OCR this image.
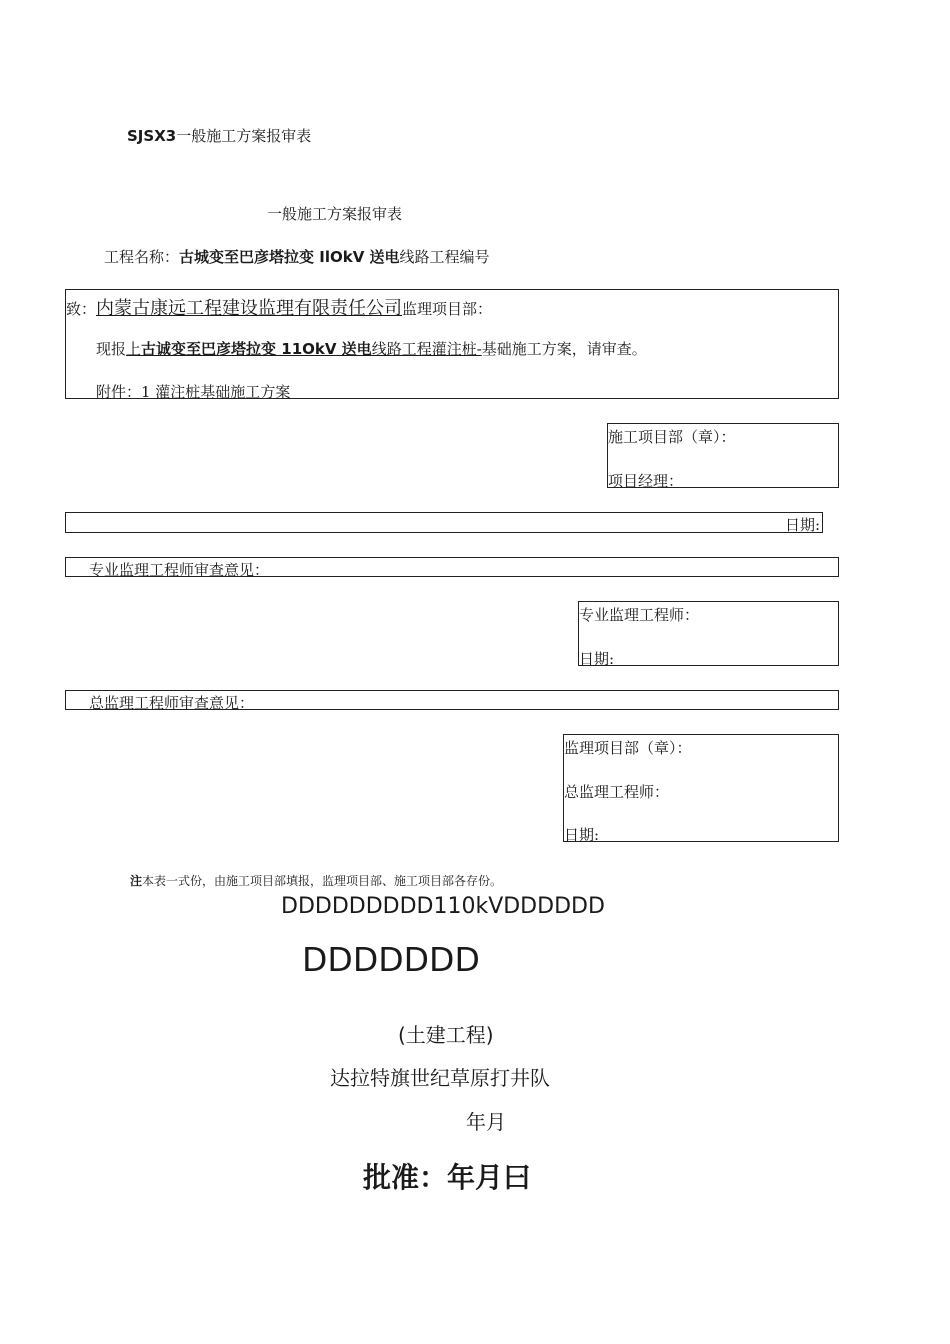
SJSX3一般施工方案报审表
一般施工方案报审表
工程名称：古城变至巴彦塔拉变 IlOkV 送电线路工程编号
致：内蒙古康远工程建设监理有限责任公司监理项目部：
现报上古诚变至巴彦塔拉变 11OkV 送电线路工程灌注桩-基础施工方案，请审查。
附件：1 灌注桩基础施工方案
施工项目部（章）：
项目经理：
日期:
专业监理工程师审查意见：
专业监理工程师：
日期:
总监理工程师审查意见：
监理项目部（章）：
总监理工程师：
日期:
注本表一式份，由施工项目部填报，监理项目部、施工项目部各存份。
DDDDDDDDD110kVDDDDDD
DDDDDDD
(土建工程)
达拉特旗世纪草原打井队
年月
批准：年月曰
